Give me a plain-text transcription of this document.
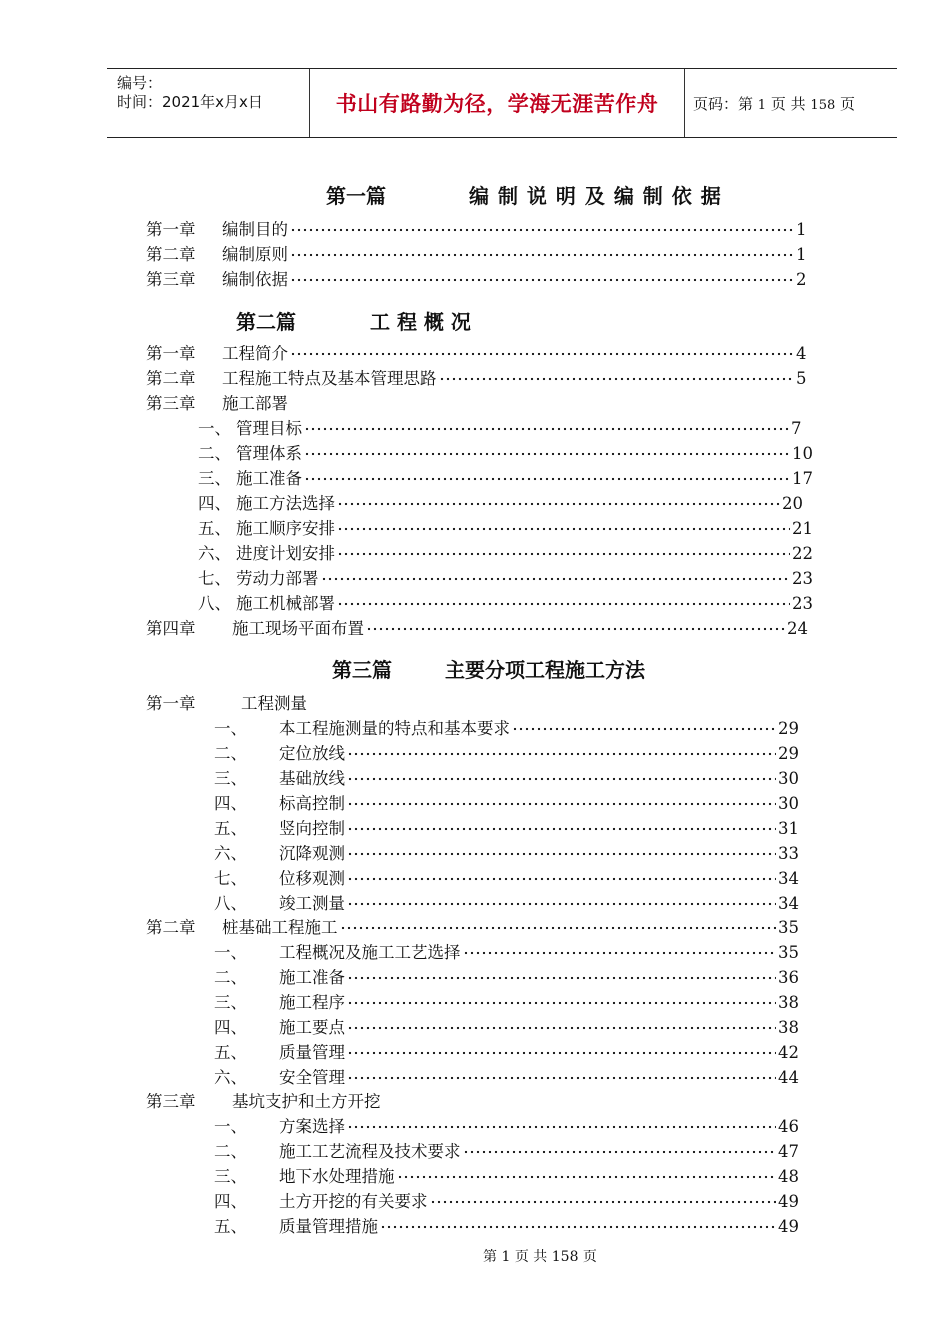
编号：
时间：2021年x月x日	书山有路勤为径，学海无涯苦作舟 页码：第 1 页 共 158 页
第一篇	编 制 说 明 及 编 制 依 据
第二篇	工 程 概 况
第三篇	主要分项工程施工方法
第一章 编制目的	1
第二章 编制原则	1
第三章 编制依据	2
第一章 工程简介	4
第二章 工程施工特点及基本管理思路	5
第三章 施工部署
一、 管理目标	7
二、 管理体系	10
三、 施工准备	17
四、 施工方法选择	20
五、 施工顺序安排	21
六、 进度计划安排	22
七、 劳动力部署	23
八、 施工机械部署	23
第四章 施工现场平面布置	24
第一章	工程测量
一、 本工程施测量的特点和基本要求	29
二、 定位放线	29
三、 基础放线	30
四、 标高控制	30
五、 竖向控制	31
六、 沉降观测	33
七、 位移观测	34
八、 竣工测量	34
第二章 桩基础工程施工	35
一、 工程概况及施工工艺选择	35
二、 施工准备	36
三、 施工程序	38
四、 施工要点	38
五、 质量管理	42
六、 安全管理	44
第三章 基坑支护和土方开挖
一、 方案选择	46
二、 施工工艺流程及技术要求	47
三、 地下水处理措施	48
四、 土方开挖的有关要求	49
五、 质量管理措施	49
第 1 页 共 158 页
